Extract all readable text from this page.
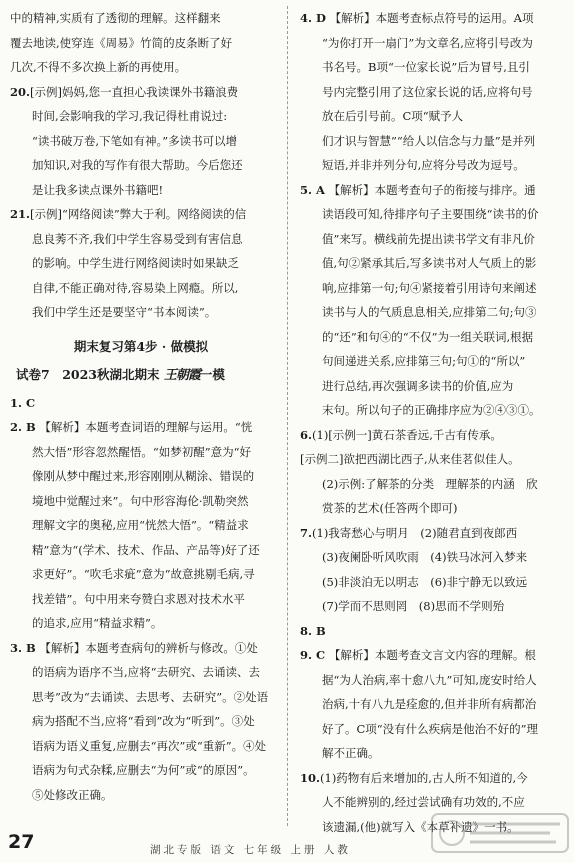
中的精神,实质有了透彻的理解。这样翻来
覆去地读,使穿连《周易》竹简的皮条断了好
几次,不得不多次换上新的再使用。

20.[示例]妈妈,您一直担心我读课外书籍浪费
时间,会影响我的学习,我记得杜甫说过:
“读书破万卷,下笔如有神。”多读书可以增
加知识,对我的写作有很大帮助。今后您还
是让我多读点课外书籍吧!

21.[示例]“网络阅读”弊大于利。网络阅读的信
息良莠不齐,我们中学生容易受到有害信息
的影响。中学生进行网络阅读时如果缺乏
自律,不能正确对待,容易染上网瘾。所以,
我们中学生还是要坚守“书本阅读”。

期末复习第4步 · 做模拟
试卷7　2023秋湖北期末 王朝霞一模

1. C

2. B 【解析】本题考查词语的理解与运用。“恍
然大悟”形容忽然醒悟。“如梦初醒”意为“好
像刚从梦中醒过来,形容刚刚从糊涂、错误的
境地中觉醒过来”。句中形容海伦·凯勒突然
理解文字的奥秘,应用“恍然大悟”。“精益求
精”意为“(学术、技术、作品、产品等)好了还
求更好”。“吹毛求疵”意为“故意挑剔毛病,寻
找差错”。句中用来夸赞白求恩对技术水平
的追求,应用“精益求精”。

3. B 【解析】本题考查病句的辨析与修改。①处
的语病为语序不当,应将“去研究、去诵读、去
思考”改为“去诵读、去思考、去研究”。②处语
病为搭配不当,应将“看到”改为“听到”。③处
语病为语义重复,应删去“再次”或“重新”。④处
语病为句式杂糅,应删去“为何”或“的原因”。
⑤处修改正确。

4. D 【解析】本题考查标点符号的运用。A项
“为你打开一扇门”为文章名,应将引号改为
书名号。B项“一位家长说”后为冒号,且引
号内完整引用了这位家长说的话,应将句号
放在后引号前。C项“赋予人
们才识与智慧”“给人以信念与力量”是并列
短语,并非并列分句,应将分号改为逗号。

5. A 【解析】本题考查句子的衔接与排序。通
读语段可知,待排序句子主要围绕“读书的价
值”来写。横线前先提出读书学文有非凡价
值,句②紧承其后,写多读书对人气质上的影
响,应排第一句;句④紧接着引用诗句来阐述
读书与人的气质息息相关,应排第二句;句③
的“还”和句④的“不仅”为一组关联词,根据
句间递进关系,应排第三句;句①的“所以”
进行总结,再次强调多读书的价值,应为
末句。所以句子的正确排序应为②④③①。

6.(1)[示例一]黄石茶香远,千古有传承。
[示例二]欲把西湖比西子,从来佳茗似佳人。
(2)示例:了解茶的分类　理解茶的内涵　欣
赏茶的艺术(任答两个即可)

7.(1)我寄愁心与明月　(2)随君直到夜郎西
(3)夜阑卧听风吹雨　(4)铁马冰河入梦来
(5)非淡泊无以明志　(6)非宁静无以致远
(7)学而不思则罔　(8)思而不学则殆

8. B

9. C 【解析】本题考查文言文内容的理解。根
据“为人治病,率十愈八九”可知,庞安时给人
治病,十有八九是痊愈的,但并非所有病都治
好了。C项“没有什么疾病是他治不好的”理
解不正确。

10.(1)药物有后来增加的,古人所不知道的,今
人不能辨别的,经过尝试确有功效的,不应
该遗漏,(他)就写入《本草补遗》一书。

27	湖北专版 语文 七年级 上册 人教
